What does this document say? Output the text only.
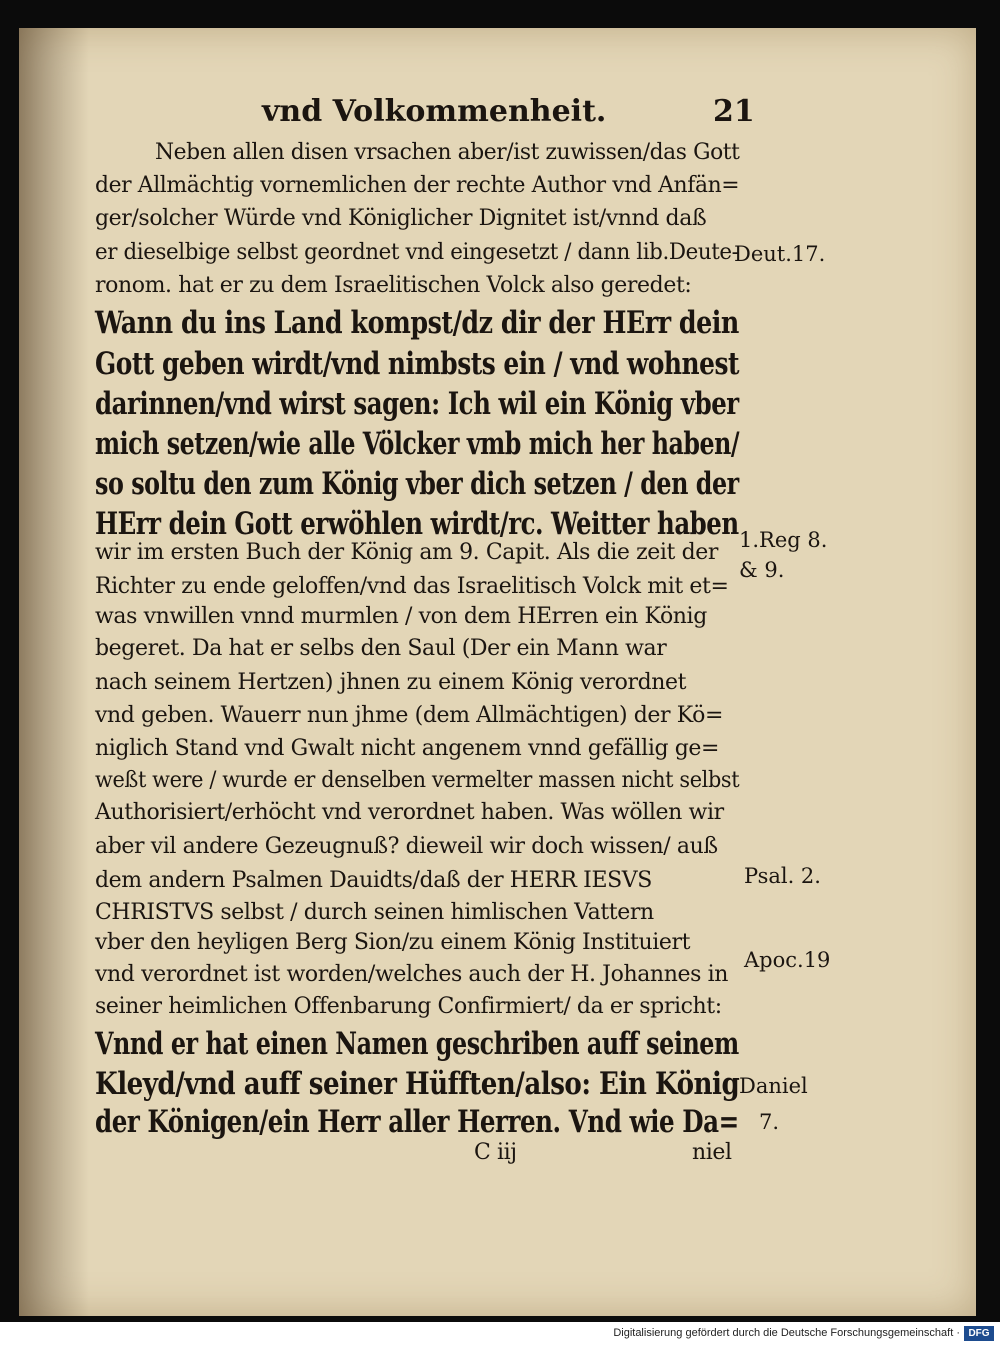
vnd Volkommenheit.	21
Neben allen disen vrsachen aber/ist zuwissen/das Gott
der Allmächtig vornemlichen der rechte Author vnd Anfän=
ger/solcher Würde vnd Königlicher Dignitet ist/vnnd daß
er dieselbige selbst geordnet vnd eingesetzt / dann lib.Deute-
ronom. hat er zu dem Israelitischen Volck also geredet:
Wann du ins Land kompst/dz dir der HErr dein
Gott geben wirdt/vnd nimbsts ein / vnd wohnest
darinnen/vnd wirst sagen: Ich wil ein König vber
mich setzen/wie alle Völcker vmb mich her haben/
so soltu den zum König vber dich setzen / den der
HErr dein Gott erwöhlen wirdt/rc. Weitter haben
wir im ersten Buch der König am 9. Capit. Als die zeit der
Richter zu ende geloffen/vnd das Israelitisch Volck mit et=
was vnwillen vnnd murmlen / von dem HErren ein König
begeret. Da hat er selbs den Saul (Der ein Mann war
nach seinem Hertzen) jhnen zu einem König verordnet
vnd geben. Wauerr nun jhme (dem Allmächtigen) der Kö=
niglich Stand vnd Gwalt nicht angenem vnnd gefällig ge=
weßt were / wurde er denselben vermelter massen nicht selbst
Authorisiert/erhöcht vnd verordnet haben. Was wöllen wir
aber vil andere Gezeugnuß? dieweil wir doch wissen/ auß
dem andern Psalmen Dauidts/daß der HERR IESVS
CHRISTVS selbst / durch seinen himlischen Vattern
vber den heyligen Berg Sion/zu einem König Instituiert
vnd verordnet ist worden/welches auch der H. Johannes in
seiner heimlichen Offenbarung Confirmiert/ da er spricht:
Vnnd er hat einen Namen geschriben auff seinem
Kleyd/vnd auff seiner Hüfften/also: Ein König
der Königen/ein Herr aller Herren. Vnd wie Da=
C iij	niel
Deut.17.
1.Reg 8.
& 9.
Psal. 2.
Apoc.19
Daniel
7.
Digitalisierung gefördert durch die Deutsche Forschungsgemeinschaft · DFG
